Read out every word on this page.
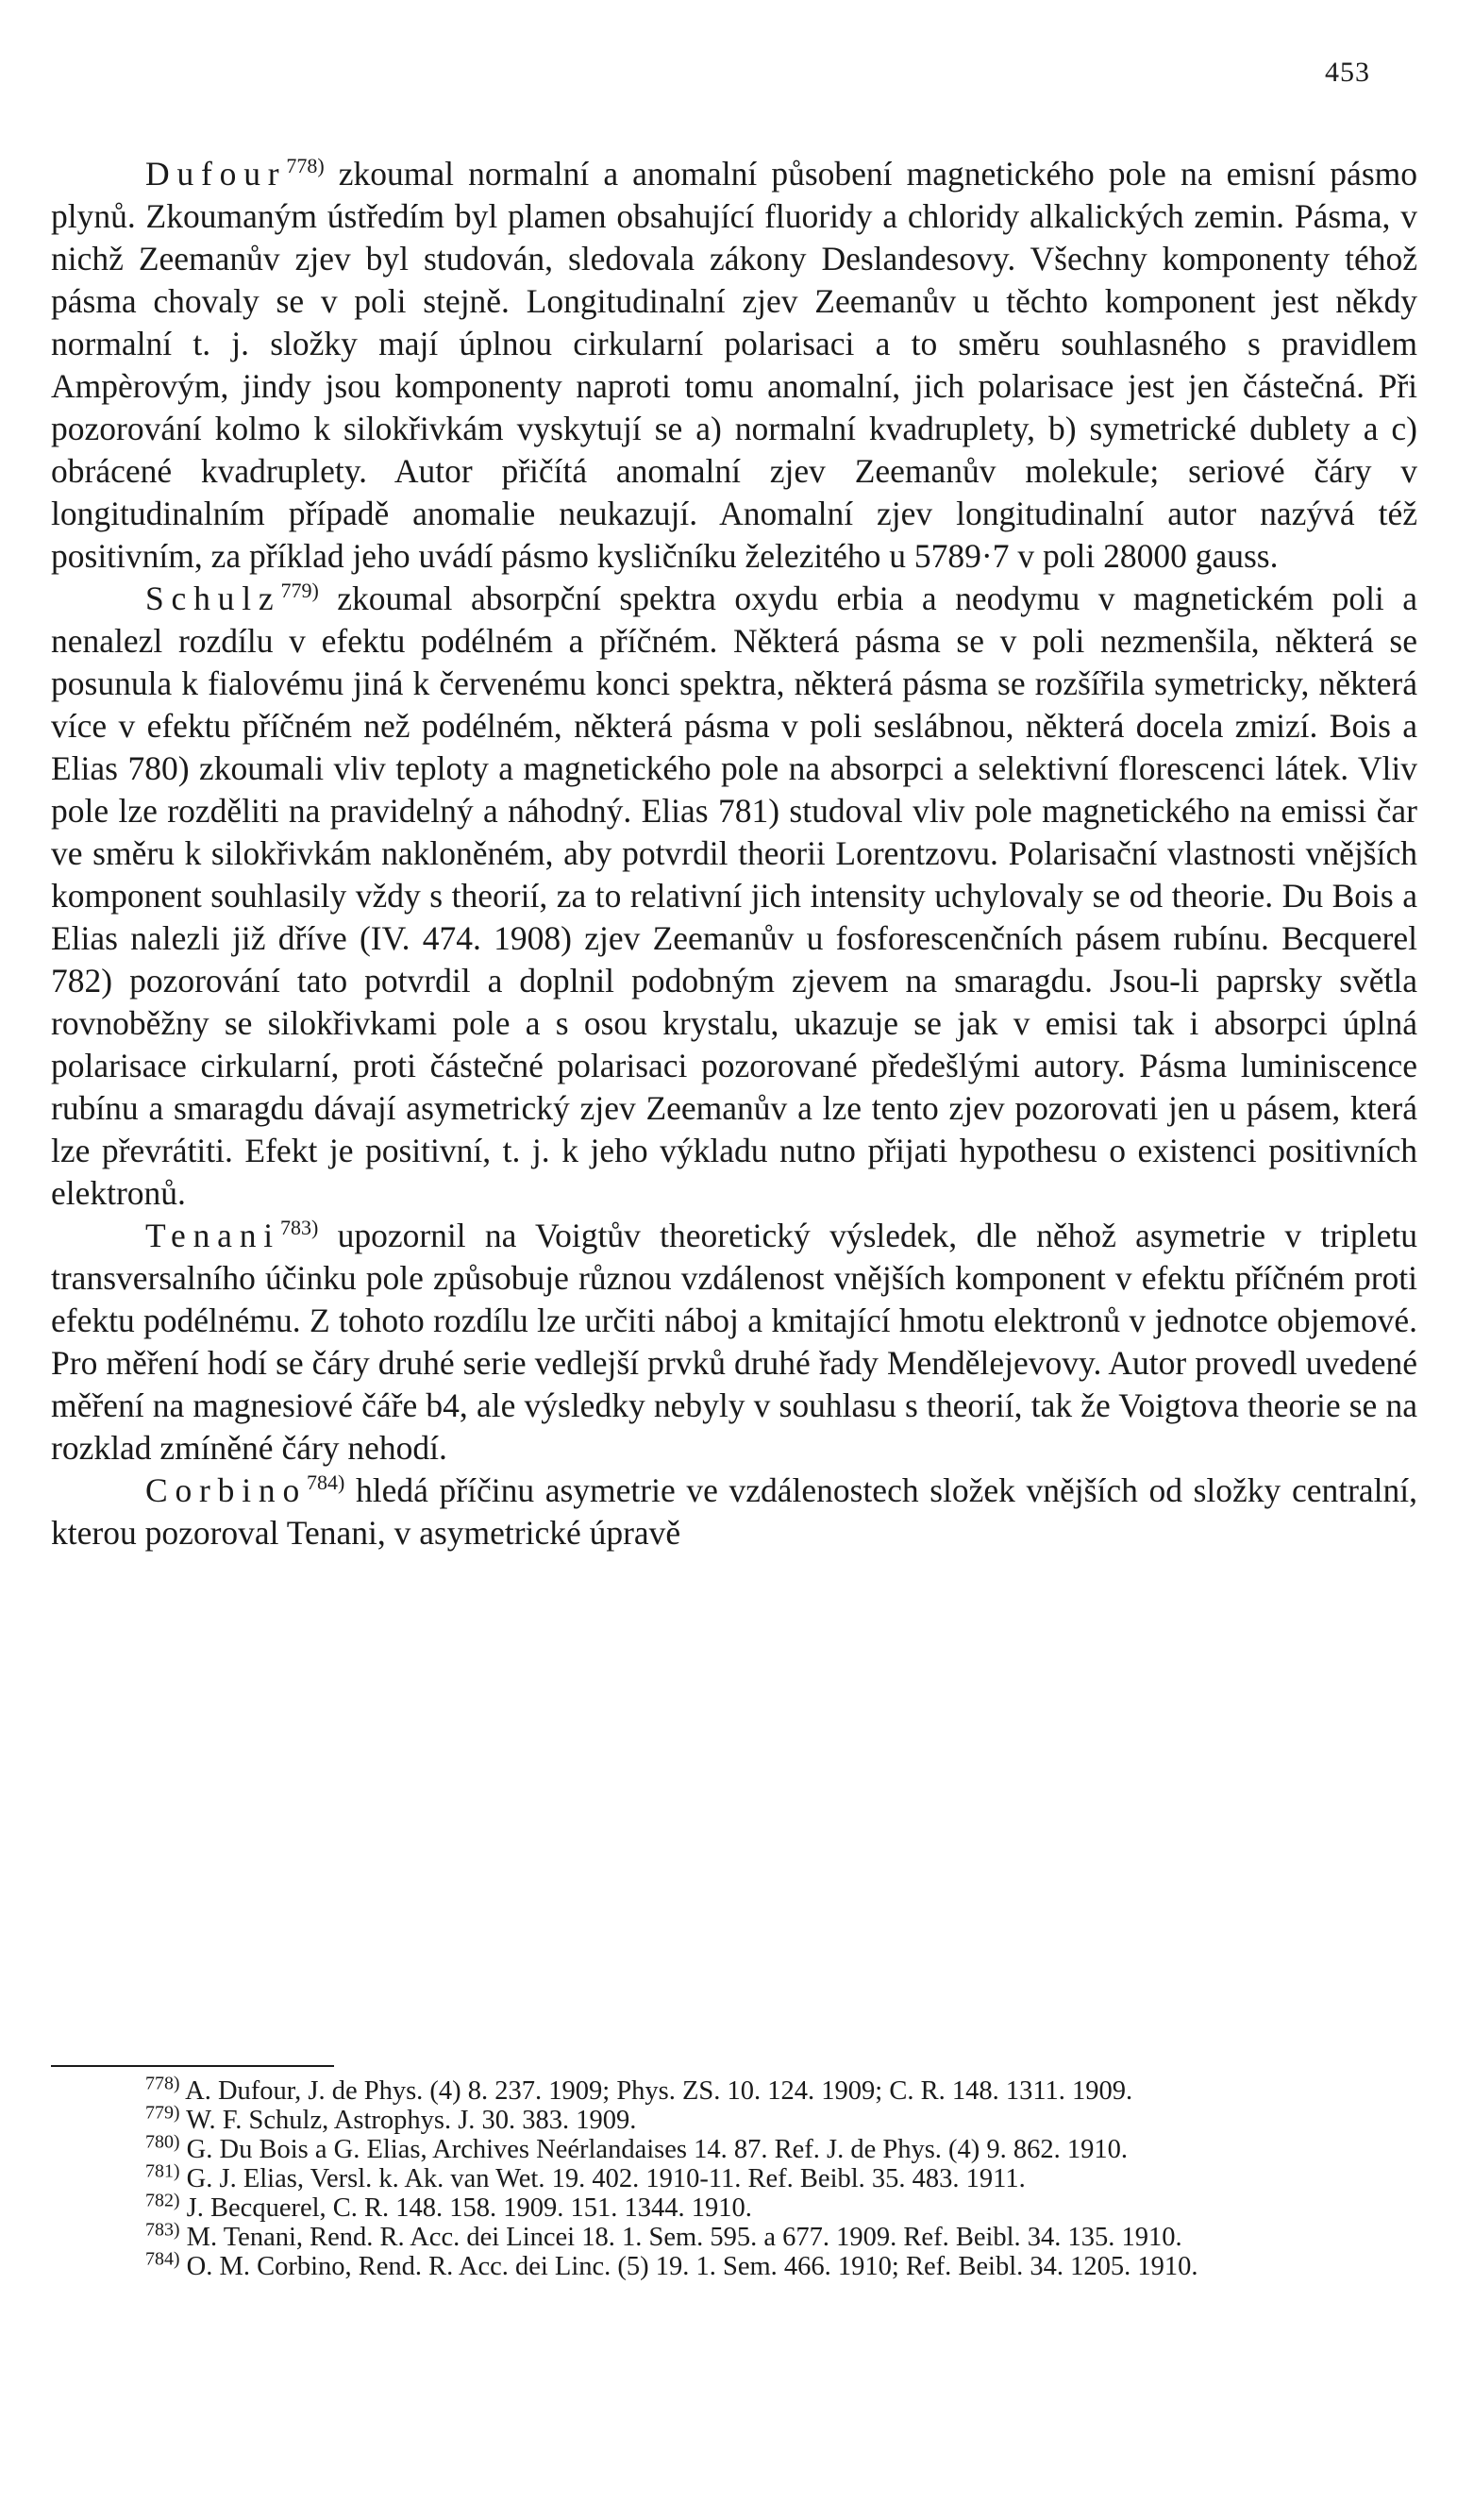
453

Dufour$^{778)}$ zkoumal normalní a anomalní působení magnetického pole na emisní pásmo plynů. Zkoumaným ústředím byl plamen obsahující fluoridy a chloridy alkalických zemin. Pásma, v nichž Zeemanův zjev byl studován, sledovala zákony Deslandesovy. Všechny komponenty téhož pásma chovaly se v poli stejně. Longitudinalní zjev Zeemanův u těchto komponent jest někdy normalní t. j. složky mají úplnou cirkularní polarisaci a to směru souhlasného s pravidlem Ampèrovým, jindy jsou komponenty naproti tomu anomalní, jich polarisace jest jen částečná. Při pozorování kolmo k silokřivkám vyskytují se a) normalní kvadruplety, b) symetrické dublety a c) obrácené kvadruplety. Autor přičítá anomalní zjev Zeemanův molekule; seriové čáry v longitudinalním případě anomalie neukazují. Anomalní zjev longitudinalní autor nazývá též positivním, za příklad jeho uvádí pásmo kysličníku železitého u 5789·7 v poli 28000 gauss.

Schulz$^{779)}$ zkoumal absorpční spektra oxydu erbia a neodymu v magnetickém poli a nenalezl rozdílu v efektu podélném a příčném. Některá pásma se v poli nezmenšila, některá se posunula k fialovému jiná k červenému konci spektra, některá pásma se rozšířila symetricky, některá více v efektu příčném než podélném, některá pásma v poli seslábnou, některá docela zmizí. Bois a Elias 780) zkoumali vliv teploty a magnetického pole na absorpci a selektivní florescenci látek. Vliv pole lze rozděliti na pravidelný a náhodný. Elias 781) studoval vliv pole magnetického na emissi čar ve směru k silokřivkám nakloněném, aby potvrdil theorii Lorentzovu. Polarisační vlastnosti vnějších komponent souhlasily vždy s theorií, za to relativní jich intensity uchylovaly se od theorie. Du Bois a Elias nalezli již dříve (IV. 474. 1908) zjev Zeemanův u fosforescenčních pásem rubínu. Becquerel 782) pozorování tato potvrdil a doplnil podobným zjevem na smaragdu. Jsou-li paprsky světla rovnoběžny se silokřivkami pole a s osou krystalu, ukazuje se jak v emisi tak i absorpci úplná polarisace cirkularní, proti částečné polarisaci pozorované předešlými autory. Pásma luminiscence rubínu a smaragdu dávají asymetrický zjev Zeemanův a lze tento zjev pozorovati jen u pásem, která lze převrátiti. Efekt je positivní, t. j. k jeho výkladu nutno přijati hypothesu o existenci positivních elektronů.

Tenani$^{783)}$ upozornil na Voigtův theoretický výsledek, dle něhož asymetrie v tripletu transversalního účinku pole způsobuje různou vzdálenost vnějších komponent v efektu příčném proti efektu podélnému. Z tohoto rozdílu lze určiti náboj a kmitající hmotu elektronů v jednotce objemové. Pro měření hodí se čáry druhé serie vedlejší prvků druhé řady Mendělejevovy. Autor provedl uvedené měření na magnesiové čáře b4, ale výsledky nebyly v souhlasu s theorií, tak že Voigtova theorie se na rozklad zmíněné čáry nehodí.

Corbino$^{784)}$ hledá příčinu asymetrie ve vzdálenostech složek vnějších od složky centralní, kterou pozoroval Tenani, v asymetrické úpravě

$^{778)}$ A. Dufour, J. de Phys. (4) 8. 237. 1909; Phys. ZS. 10. 124. 1909; C. R. 148. 1311. 1909.

$^{779)}$ W. F. Schulz, Astrophys. J. 30. 383. 1909.

$^{780)}$ G. Du Bois a G. Elias, Archives Neérlandaises 14. 87. Ref. J. de Phys. (4) 9. 862. 1910.

$^{781)}$ G. J. Elias, Versl. k. Ak. van Wet. 19. 402. 1910-11. Ref. Beibl. 35. 483. 1911.

$^{782)}$ J. Becquerel, C. R. 148. 158. 1909. 151. 1344. 1910.

$^{783)}$ M. Tenani, Rend. R. Acc. dei Lincei 18. 1. Sem. 595. a 677. 1909. Ref. Beibl. 34. 135. 1910.

$^{784)}$ O. M. Corbino, Rend. R. Acc. dei Linc. (5) 19. 1. Sem. 466. 1910; Ref. Beibl. 34. 1205. 1910.
